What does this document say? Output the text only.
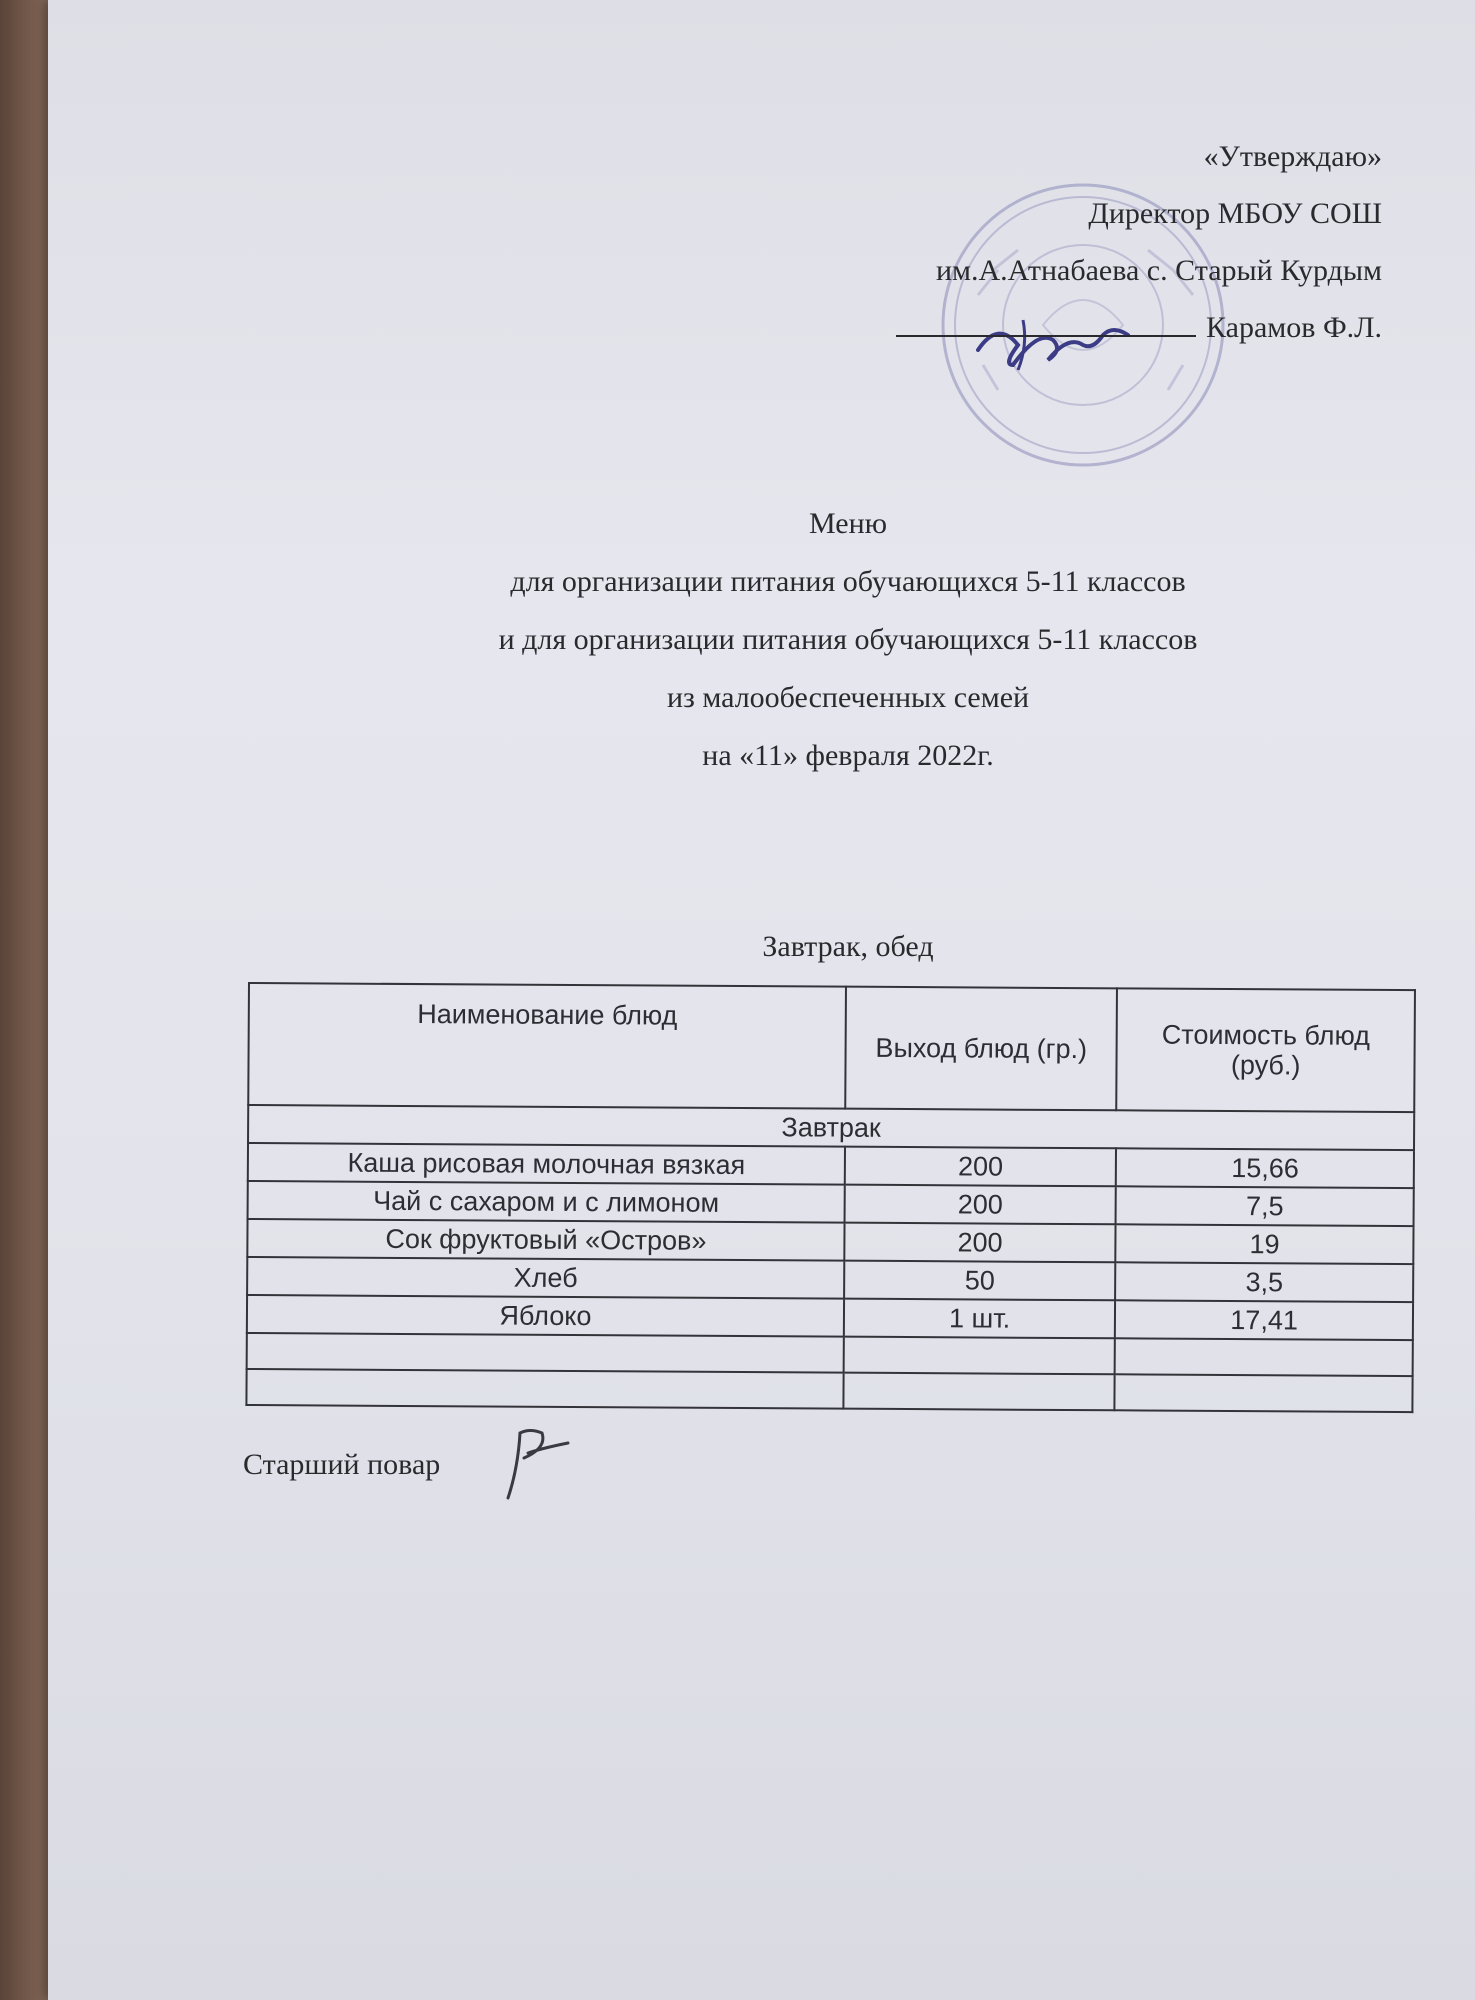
«Утверждаю»
Директор МБОУ СОШ
им.А.Атнабаева с. Старый Курдым
Карамов Ф.Л.
Меню
для организации питания обучающихся 5-11 классов
и для организации питания обучающихся 5-11 классов
из малообеспеченных семей
на «11» февраля 2022г.
Завтрак, обед
Наименование блюд	Выход блюд (гр.)	Стоимость блюд (руб.)
Завтрак		
Каша рисовая молочная вязкая	200	15,66
Чай с сахаром и с лимоном	200	7,5
Сок фруктовый «Остров»	200	19
Хлеб	50	3,5
Яблоко	1 шт.	17,41

Старший повар
